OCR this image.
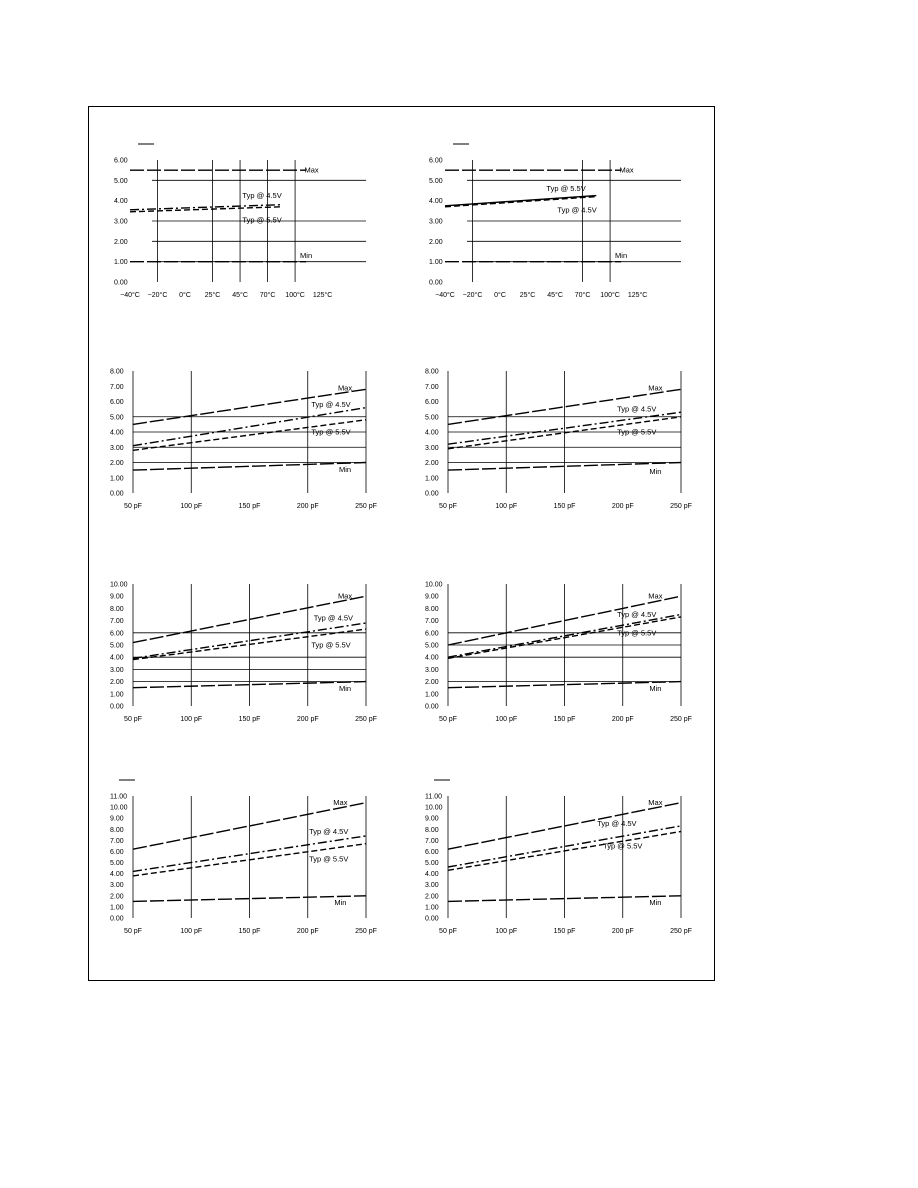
6.00
5.00
4.00
3.00
2.00
1.00
0.00
−40°C −20°C 0°C 25°C 45°C 70°C 100°C 125°C
Max
Typ @ 4.5V
Typ @ 5.5V
Min
6.00
5.00
4.00
3.00
2.00
1.00
0.00
−40°C −20°C 0°C 25°C 45°C 70°C 100°C 125°C
Max
Typ @ 5.5V
Typ @ 4.5V
Min
8.00
7.00
6.00
5.00
4.00
3.00
2.00
1.00
0.00
50 pF	100 pF	150 pF	200 pF	250 pF
Max
Typ @ 4.5V
Typ @ 5.5V
Min
8.00
7.00
6.00
5.00
4.00
3.00
2.00
1.00
0.00
50 pF	100 pF	150 pF	200 pF	250 pF
Max
Typ @ 4.5V
Typ @ 5.5V
Min
10.00
9.00
8.00
7.00
6.00
5.00
4.00
3.00
2.00
1.00
0.00
50 pF	100 pF	150 pF	200 pF	250 pF
Max
Typ @ 4.5V
Typ @ 5.5V
Min
10.00
9.00
8.00
7.00
6.00
5.00
4.00
3.00
2.00
1.00
0.00
50 pF	100 pF	150 pF	200 pF	250 pF
Max
Typ @ 4.5V
Typ @ 5.5V
Min
11.00
10.00
9.00
8.00
7.00
6.00
5.00
4.00
3.00
2.00
1.00
0.00
50 pF	100 pF	150 pF	200 pF	250 pF
Max
Typ @ 4.5V
Typ @ 5.5V
Min
11.00
10.00
9.00
8.00
7.00
6.00
5.00
4.00
3.00
2.00
1.00
0.00
50 pF	100 pF	150 pF	200 pF	250 pF
Max
Typ @ 4.5V
Typ @ 5.5V
Min
